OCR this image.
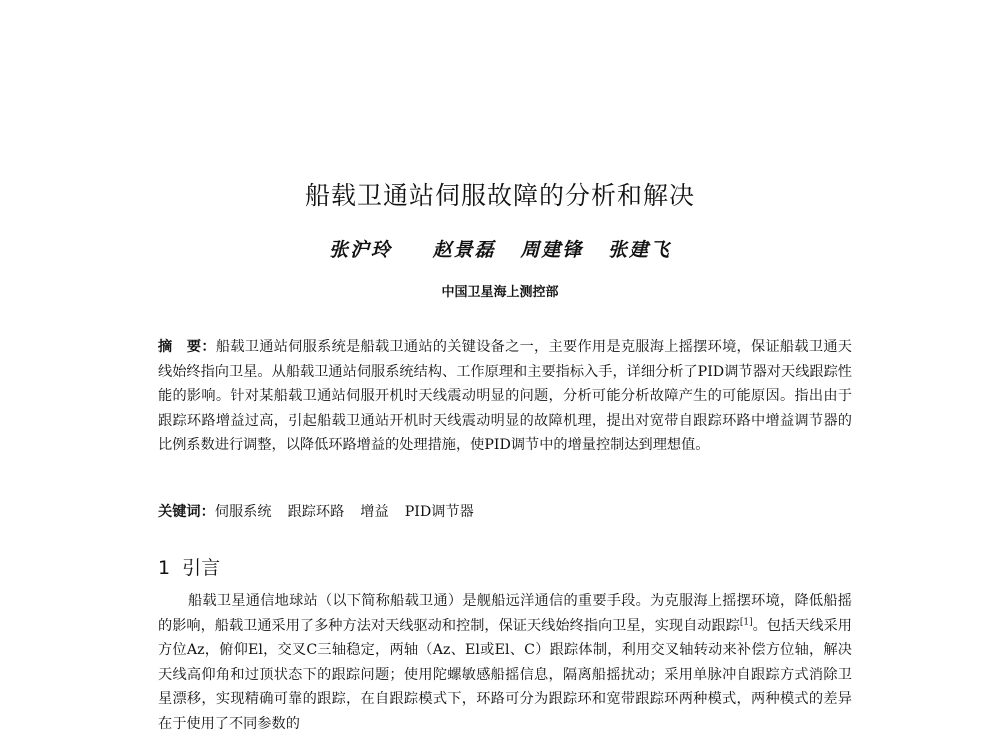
船载卫通站伺服故障的分析和解决
张沪玲 赵景磊 周建锋 张建飞
中国卫星海上测控部
摘　要：船载卫通站伺服系统是船载卫通站的关键设备之一，主要作用是克服海上摇摆环境，保证船载卫通天线始终指向卫星。从船载卫通站伺服系统结构、工作原理和主要指标入手，详细分析了PID调节器对天线跟踪性能的影响。针对某船载卫通站伺服开机时天线震动明显的问题，分析可能分析故障产生的可能原因。指出由于跟踪环路增益过高，引起船载卫通站开机时天线震动明显的故障机理，提出对宽带自跟踪环路中增益调节器的比例系数进行调整，以降低环路增益的处理措施，使PID调节中的增量控制达到理想值。
关键词：伺服系统 跟踪环路 增益 PID调节器
1 引言
船载卫星通信地球站（以下简称船载卫通）是舰船远洋通信的重要手段。为克服海上摇摆环境，降低船摇的影响，船载卫通采用了多种方法对天线驱动和控制，保证天线始终指向卫星，实现自动跟踪[1]。包括天线采用方位Az，俯仰El，交叉C三轴稳定，两轴（Az、El或El、C）跟踪体制，利用交叉轴转动来补偿方位轴，解决天线高仰角和过顶状态下的跟踪问题；使用陀螺敏感船摇信息，隔离船摇扰动；采用单脉冲自跟踪方式消除卫星漂移，实现精确可靠的跟踪，在自跟踪模式下，环路可分为跟踪环和宽带跟踪环两种模式，两种模式的差异在于使用了不同参数的
